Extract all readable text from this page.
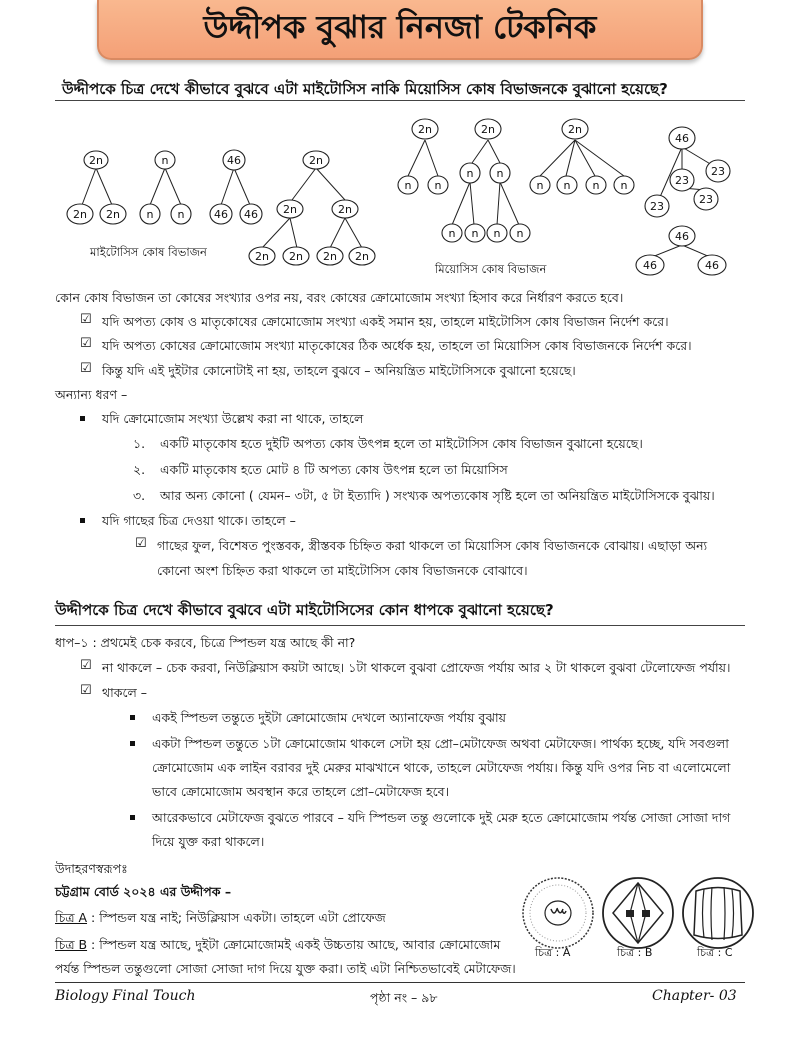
উদ্দীপক বুঝার নিনজা টেকনিক
উদ্দীপকে চিত্র দেখে কীভাবে বুঝবে এটা মাইটোসিস নাকি মিয়োসিস কোষ বিভাজনকে বুঝানো হয়েছে?
2n
2n 2n
n
n n
46
46 46
2n
2n	2n
2n 2n 2n 2n
2n
n n
2n
n n
n n n n
2n
n n n n
46
23
23
23
23
46
46	46
মাইটোসিস কোষ বিভাজন
মিয়োসিস কোষ বিভাজন
কোন কোষ বিভাজন তা কোষের সংখ্যার ওপর নয়, বরং কোষের ক্রোমোজোম সংখ্যা হিসাব করে নির্ধারণ করতে হবে।
☑ যদি অপত্য কোষ ও মাতৃকোষের ক্রোমোজোম সংখ্যা একই সমান হয়, তাহলে মাইটোসিস কোষ বিভাজন নির্দেশ করে।
☑ যদি অপত্য কোষের ক্রোমোজোম সংখ্যা মাতৃকোষের ঠিক অর্ধেক হয়, তাহলে তা মিয়োসিস কোষ বিভাজনকে নির্দেশ করে।
☑ কিন্তু যদি এই দুইটার কোনোটাই না হয়, তাহলে বুঝবে – অনিয়ন্ত্রিত মাইটোসিসকে বুঝানো হয়েছে।
অন্যান্য ধরণ –
যদি ক্রোমোজোম সংখ্যা উল্লেখ করা না থাকে, তাহলে
১. একটি মাতৃকোষ হতে দুইটি অপত্য কোষ উৎপন্ন হলে তা মাইটোসিস কোষ বিভাজন বুঝানো হয়েছে।
২. একটি মাতৃকোষ হতে মোট ৪ টি অপত্য কোষ উৎপন্ন হলে তা মিয়োসিস
৩. আর অন্য কোনো ( যেমন– ৩টা, ৫ টা ইত্যাদি ) সংখ্যক অপত্যকোষ সৃষ্টি হলে তা অনিয়ন্ত্রিত মাইটোসিসকে বুঝায়।
যদি গাছের চিত্র দেওয়া থাকে। তাহলে –
☑ গাছের ফুল, বিশেষত পুংস্তবক, স্ত্রীস্তবক চিহ্নিত করা থাকলে তা মিয়োসিস কোষ বিভাজনকে বোঝায়। এছাড়া অন্য
কোনো অংশ চিহ্নিত করা থাকলে তা মাইটোসিস কোষ বিভাজনকে বোঝাবে।
উদ্দীপকে চিত্র দেখে কীভাবে বুঝবে এটা মাইটোসিসের কোন ধাপকে বুঝানো হয়েছে?
ধাপ–১ : প্রথমেই চেক করবে, চিত্রে স্পিন্ডল যন্ত্র আছে কী না?
☑ না থাকলে – চেক করবা, নিউক্লিয়াস কয়টা আছে। ১টা থাকলে বুঝবা প্রোফেজ পর্যায় আর ২ টা থাকলে বুঝবা টেলোফেজ পর্যায়।
☑ থাকলে –
একই স্পিন্ডল তন্তুতে দুইটা ক্রোমোজোম দেখলে অ্যানাফেজ পর্যায় বুঝায়
একটা স্পিন্ডল তন্তুতে ১টা ক্রোমোজোম থাকলে সেটা হয় প্রো–মেটাফেজ অথবা মেটাফেজ। পার্থক্য হচ্ছে, যদি সবগুলা
ক্রোমোজোম এক লাইন বরাবর দুই মেরুর মাঝখানে থাকে, তাহলে মেটাফেজ পর্যায়। কিন্তু যদি ওপর নিচ বা এলোমেলো
ভাবে ক্রোমোজোম অবস্থান করে তাহলে প্রো–মেটাফেজ হবে।
আরেকভাবে মেটাফেজ বুঝতে পারবে – যদি স্পিন্ডল তন্তু গুলোকে দুই মেরু হতে ক্রোমোজোম পর্যন্ত সোজা সোজা দাগ
দিয়ে যুক্ত করা থাকলে।
উদাহরণস্বরূপঃ
চট্টগ্রাম বোর্ড ২০২৪ এর উদ্দীপক –
চিত্র A : স্পিন্ডল যন্ত্র নাই; নিউক্লিয়াস একটা। তাহলে এটা প্রোফেজ
চিত্র B : স্পিন্ডল যন্ত্র আছে, দুইটা ক্রোমোজোমই একই উচ্চতায় আছে, আবার ক্রোমোজোম
পর্যন্ত স্পিন্ডল তন্তুগুলো সোজা সোজা দাগ দিয়ে যুক্ত করা। তাই এটা নিশ্চিতভাবেই মেটাফেজ।
চিত্র : A	চিত্র : B	চিত্র : C
Biology Final Touch	পৃষ্ঠা নং – ৯৮	Chapter- 03
